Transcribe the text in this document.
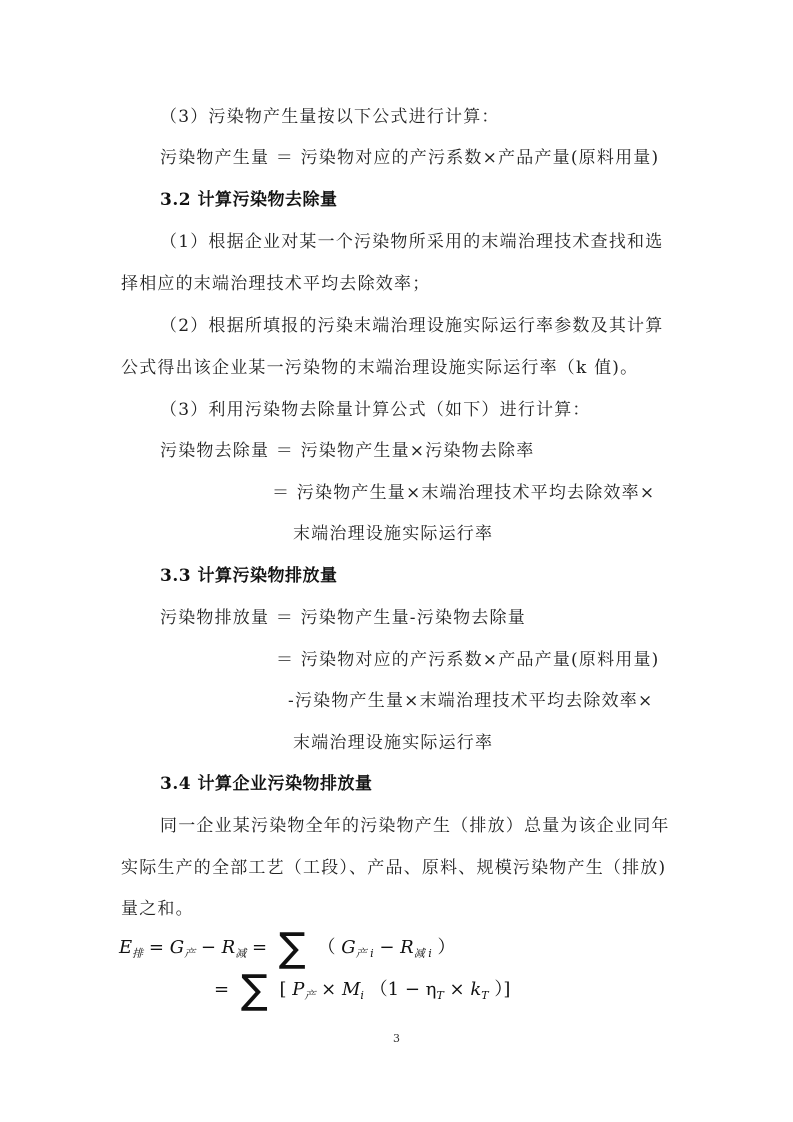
（3）污染物产生量按以下公式进行计算：
污染物产生量 ＝ 污染物对应的产污系数×产品产量(原料用量)
3.2 计算污染物去除量
（1）根据企业对某一个污染物所采用的末端治理技术查找和选
择相应的末端治理技术平均去除效率；
（2）根据所填报的污染末端治理设施实际运行率参数及其计算
公式得出该企业某一污染物的末端治理设施实际运行率（k 值)。
（3）利用污染物去除量计算公式（如下）进行计算：
污染物去除量 ＝ 污染物产生量×污染物去除率
＝ 污染物产生量×末端治理技术平均去除效率×
末端治理设施实际运行率
3.3 计算污染物排放量
污染物排放量 ＝ 污染物产生量-污染物去除量
＝ 污染物对应的产污系数×产品产量(原料用量)
-污染物产生量×末端治理技术平均去除效率×
末端治理设施实际运行率
3.4 计算企业污染物排放量
同一企业某污染物全年的污染物产生（排放）总量为该企业同年
实际生产的全部工艺（工段）、产品、原料、规模污染物产生（排放)
量之和。
$E_排 = G_产 - R_减$ = ∑ （ $G_{产 i} - R_{减 i}$ ）
= ∑ [ $P_产 \times M_i$ （$1 - \eta_T \times k_T$ ）]
3
